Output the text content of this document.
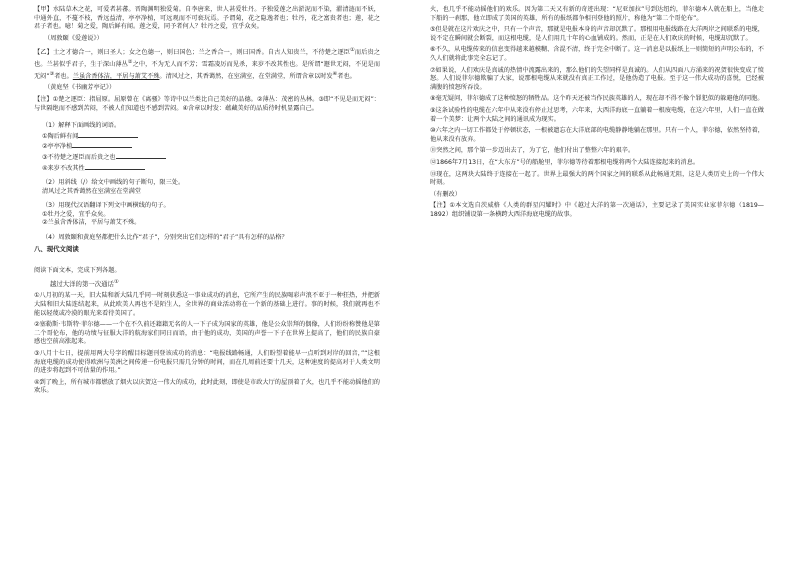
【甲】水陆草木之花，可爱者甚蕃。晋陶渊明独爱菊。自李唐来，世人甚爱牡丹。予独爱莲之出淤泥而不染，濯清涟而不妖，中通外直，不蔓不枝，香远益清，亭亭净植，可远观而不可亵玩焉。予谓菊，花之隐逸者也；牡丹，花之富贵者也；莲，花之君子者也。噫！菊之爱，陶后鲜有闻。莲之爱，同予者何人？牡丹之爱，宜乎众矣。

（周敦颐《爱莲说》）

【乙】士之才德合一，则曰圣人；女之色德一，则曰国色；兰之香合一，则曰国香。自古人知贵兰，不待楚之逐臣①而后贵之也。兰甚似乎君子，生于深山薄丛②之中，不为无人而不芳；雪霜凌厉而见杀，来岁不改其性也。是所谓“遯世无闷，不见是而无闷”③者也。兰虽含香体洁，平居与萧艾不殊。清风过之，其香蔼然，在室满室，在堂满堂，所谓含章以时发④者也。

（黄庭坚《书幽芳亭记》）

【注】①楚之逐臣：指屈原。屈原曾在《离骚》等诗中以兰类比自己美好的品德。②薄丛：茂密的丛林。③即“不见是而无闷”：与世隔绝而不感到苦闷，不被人们知道也不感到苦闷。④含章以时发：蕴藏美好的品质待时机显露自己。

（1）解释下面画线的词语。

①陶后鲜有闻

②亭亭净植

③不待楚之逐臣而后贵之也

④来岁不改其性

（2）用斜线（/）给文中画线的句子断句，限三处。

清风过之其香蔼然在室满室在堂满堂

（3）用现代汉语翻译下列文中画横线的句子。

①牡丹之爱，宜乎众矣。

②兰虽含香体洁，平居与萧艾不殊。

（4）周敦颐和黄庭坚都把什么比作“君子”，分别突出它们怎样的“君子”具有怎样的品格？

八、现代文阅读

阅读下面文本，完成下列各题。

越过大洋的第一次通话①

①八月初的某一天，旧大陆和新大陆几乎同一时刻获悉这一事业成功的消息，它所产生的民族喝彩声浪不亚于一种狂热，并把新大陆和旧大陆连结起来，从此欧美人再也不是陌生人，全世界的商业活动将在一个新的基础上进行。事的时候，我们就再也不能以轻蔑或冷漠的眼光来看待美国了。

②塞勒斯·韦斯特·菲尔德——一个在不久前还籍籍无名的人一下子成为国家的英雄，他是公众崇拜的偶像，人们纷纷称赞他是第二个哥伦布，他的功绩与征服大洋的航海家们同日而语，由于他的成功，美国的声誉一下子在世界上提高了，他们的民族自豪感也空前高涨起来。

③八月十七日，提前用两大号字的醒目标题刊登该成功的消息：“电报线路畅通，人们盼望着能早一点听到对岸的回音，”“这根海底电缆的成功使得欧洲与美洲之间传递一份电报只需几分钟的时间，而在几周前还要十几天，这种速度的提高对于人类文明的进步将起到不可估量的作用。”

④到了晚上，所有城市都燃放了烟火以庆贺这一伟大的成功，此时此刻，即使是市政大厅的屋顶着了火，也几乎不能动摇他们的欢乐。

火，也几乎不能动摇他们的欢乐。因为第二天又有新的奇迹出现：“尼亚加拉”号到达纽约，菲尔德本人就在船上，当他走下船的一刹那，他立即成了美国的英雄，所有的报纸都争相刊登他的照片，称他为“第二个哥伦布”。

⑤但是就在这片欢庆之中，只有一个声音，那就是电报本身的声音却沉默了。那根用电报线路在大洋两岸之间联系的电缆，说不定在瞬间就会断裂，而这根电缆，是人们用几十年的心血铺成的。然而，正是在人们欢庆的时候，电缆却沉默了。

⑥不久，从电缆传来的信息变得越来越模糊、含混不清，终于完全中断了。这一消息是以报纸上一则简短的声明公布的，不久人们就将此事完全忘记了。

⑦如果说，人们欢庆是真诚的热情中流露出来的，那么他们的失望同样是真诚的。人们从四面八方涌来的祝贺很快变成了愤怒。人们说菲尔德欺骗了大家，说那根电缆从来就没有真正工作过，是他伪造了电报。至于这一伟大成功的喜悦，已经被满腹的愤怒所吞没。

⑧毫无疑问，菲尔德成了这种愤怒的牺牲品。这个昨天还被当作民族英雄的人，现在却不得不像个罪犯似的躲避他的同胞。

⑨这条试验性的电缆在六年中从来没有停止过思考，六年来，大西洋海底一直躺着一根废电缆，在这六年里，人们一直在做着一个美梦：让两个大陆之间的通讯成为现实。

⑩六年之内一切工作都处于停顿状态，一根被遗忘在大洋底部的电缆静静地躺在那里。只有一个人，菲尔德，依然坚持着，他从来没有放弃。

⑪突然之间，那个第一步迈出去了，为了它，他们付出了整整六年的艰辛。

⑫1866年7月13日，在“大东方”号的船舱里，菲尔德等待着那根电缆将两个大陆连接起来的消息。

⑬现在，这两块大陆终于连接在一起了。世界上最强大的两个国家之间的联系从此畅通无阻，这是人类历史上的一个伟大时刻。

（有删改）

【注】①本文选自茨威格《人类的群星闪耀时》中《越过大洋的第一次通话》，主要记录了美国实业家菲尔德（1819—1892）组织铺设第一条横跨大西洋海底电缆的故事。
